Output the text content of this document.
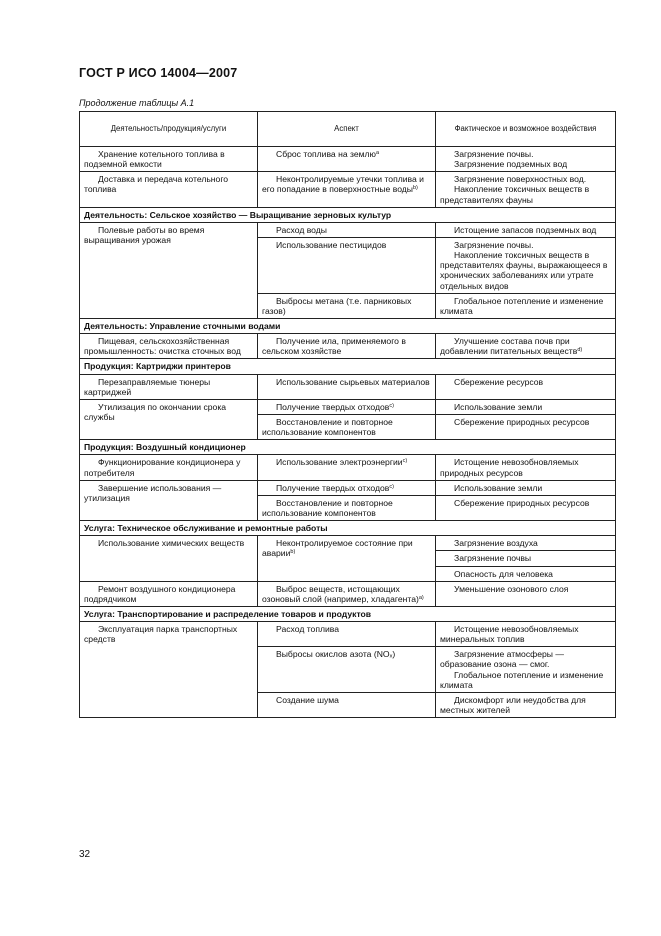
ГОСТ Р ИСО 14004—2007
Продолжение таблицы А.1
Деятельность/продукция/услуги	Аспект	Фактическое и возможное воздействия
Хранение котельного топлива в подземной емкости	Сброс топлива на землю$^а$	Загрязнение почвы.
Загрязнение подземных вод

Доставка и передача котельного топлива	Неконтролируемые утечки топлива и его попадание в поверхностные воды$^{b)}$	Загрязнение поверхностных вод.
Накопление токсичных веществ в представителях фауны

Деятельность: Сельское хозяйство — Выращивание зерновых культур		
Полевые работы во время выращивания урожая	Расход воды	Истощение запасов подземных вод

	Использование пестицидов	Загрязнение почвы.
Накопление токсичных веществ в представителях фауны, выражающееся в хронических заболеваниях или утрате отдельных видов

	Выбросы метана (т.е. парниковых газов)	Глобальное потепление и изменение климата

Деятельность: Управление сточными водами		
Пищевая, сельскохозяйственная промышленность: очистка сточных вод	Получение ила, применяемого в сельском хозяйстве	Улучшение состава почв при добавлении питательных веществ$^{d)}$

Продукция: Картриджи принтеров		
Перезаправляемые тюнеры картриджей	Использование сырьевых материалов	Сбережение ресурсов

Утилизация по окончании срока службы	Получение твердых отходов$^{c)}$	Использование земли

	Восстановление и повторное использование компонентов	Сбережение природных ресурсов

Продукция: Воздушный кондиционер		
Функционирование кондиционера у потребителя	Использование электроэнергии$^{c)}$	Истощение невозобновляемых природных ресурсов

Завершение использования — утилизация	Получение твердых отходов$^{c)}$	Использование земли

	Восстановление и повторное использование компонентов	Сбережение природных ресурсов

Услуга: Техническое обслуживание и ремонтные работы		
Использование химических веществ	Неконтролируемое состояние при аварии$^{b)}$	Загрязнение воздуха
		Загрязнение почвы
		Опасность для человека
Ремонт воздушного кондиционера подрядчиком	Выброс веществ, истощающих озоновый слой (например, хладагента)$^{а)}$	Уменьшение озонового слоя

Услуга: Транспортирование и распределение товаров и продуктов		
Эксплуатация парка транспортных средств	Расход топлива	Истощение невозобновляемых минеральных топлив

	Выбросы окислов азота (NOₓ)	Загрязнение атмосферы — образование озона — смог.
Глобальное потепление и изменение климата

	Создание шума	Дискомфорт или неудобства для местных жителей
32
